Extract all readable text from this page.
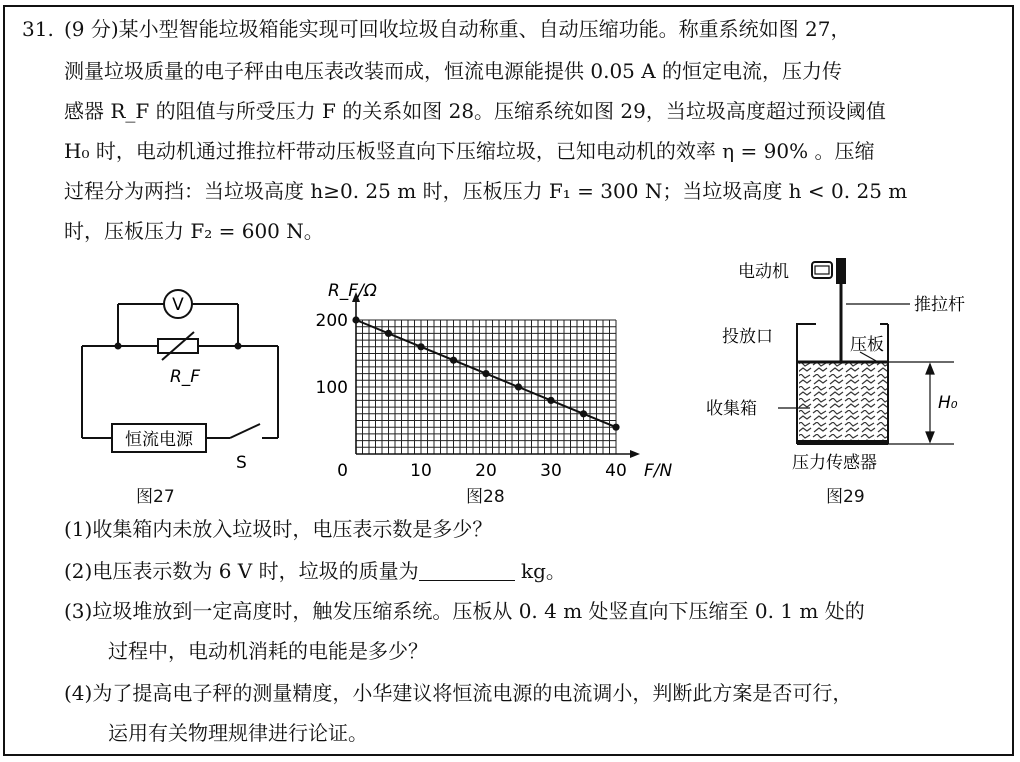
31. (9 分)某小型智能垃圾箱能实现可回收垃圾自动称重、自动压缩功能。称重系统如图 27，
测量垃圾质量的电子秤由电压表改装而成，恒流电源能提供 0.05 A 的恒定电流，压力传
感器 R_F 的阻值与所受压力 F 的关系如图 28。压缩系统如图 29，当垃圾高度超过预设阈值
H₀ 时，电动机通过推拉杆带动压板竖直向下压缩垃圾，已知电动机的效率 η = 90% 。压缩
过程分为两挡：当垃圾高度 h≥0. 25 m 时，压板压力 F₁ = 300 N；当垃圾高度 h < 0. 25 m
时，压板压力 F₂ = 600 N。
V
R_F
恒流电源
S
图27
10	20	30	40
100
200
0	F/N
R_F/Ω
图28
电动机
推拉杆
投放口	压板
收集箱	H₀
压力传感器
图29
(1)收集箱内未放入垃圾时，电压表示数是多少？
(2)电压表示数为 6 V 时，垃圾的质量为	kg。
(3)垃圾堆放到一定高度时，触发压缩系统。压板从 0. 4 m 处竖直向下压缩至 0. 1 m 处的
过程中，电动机消耗的电能是多少？
(4)为了提高电子秤的测量精度，小华建议将恒流电源的电流调小，判断此方案是否可行，
运用有关物理规律进行论证。
